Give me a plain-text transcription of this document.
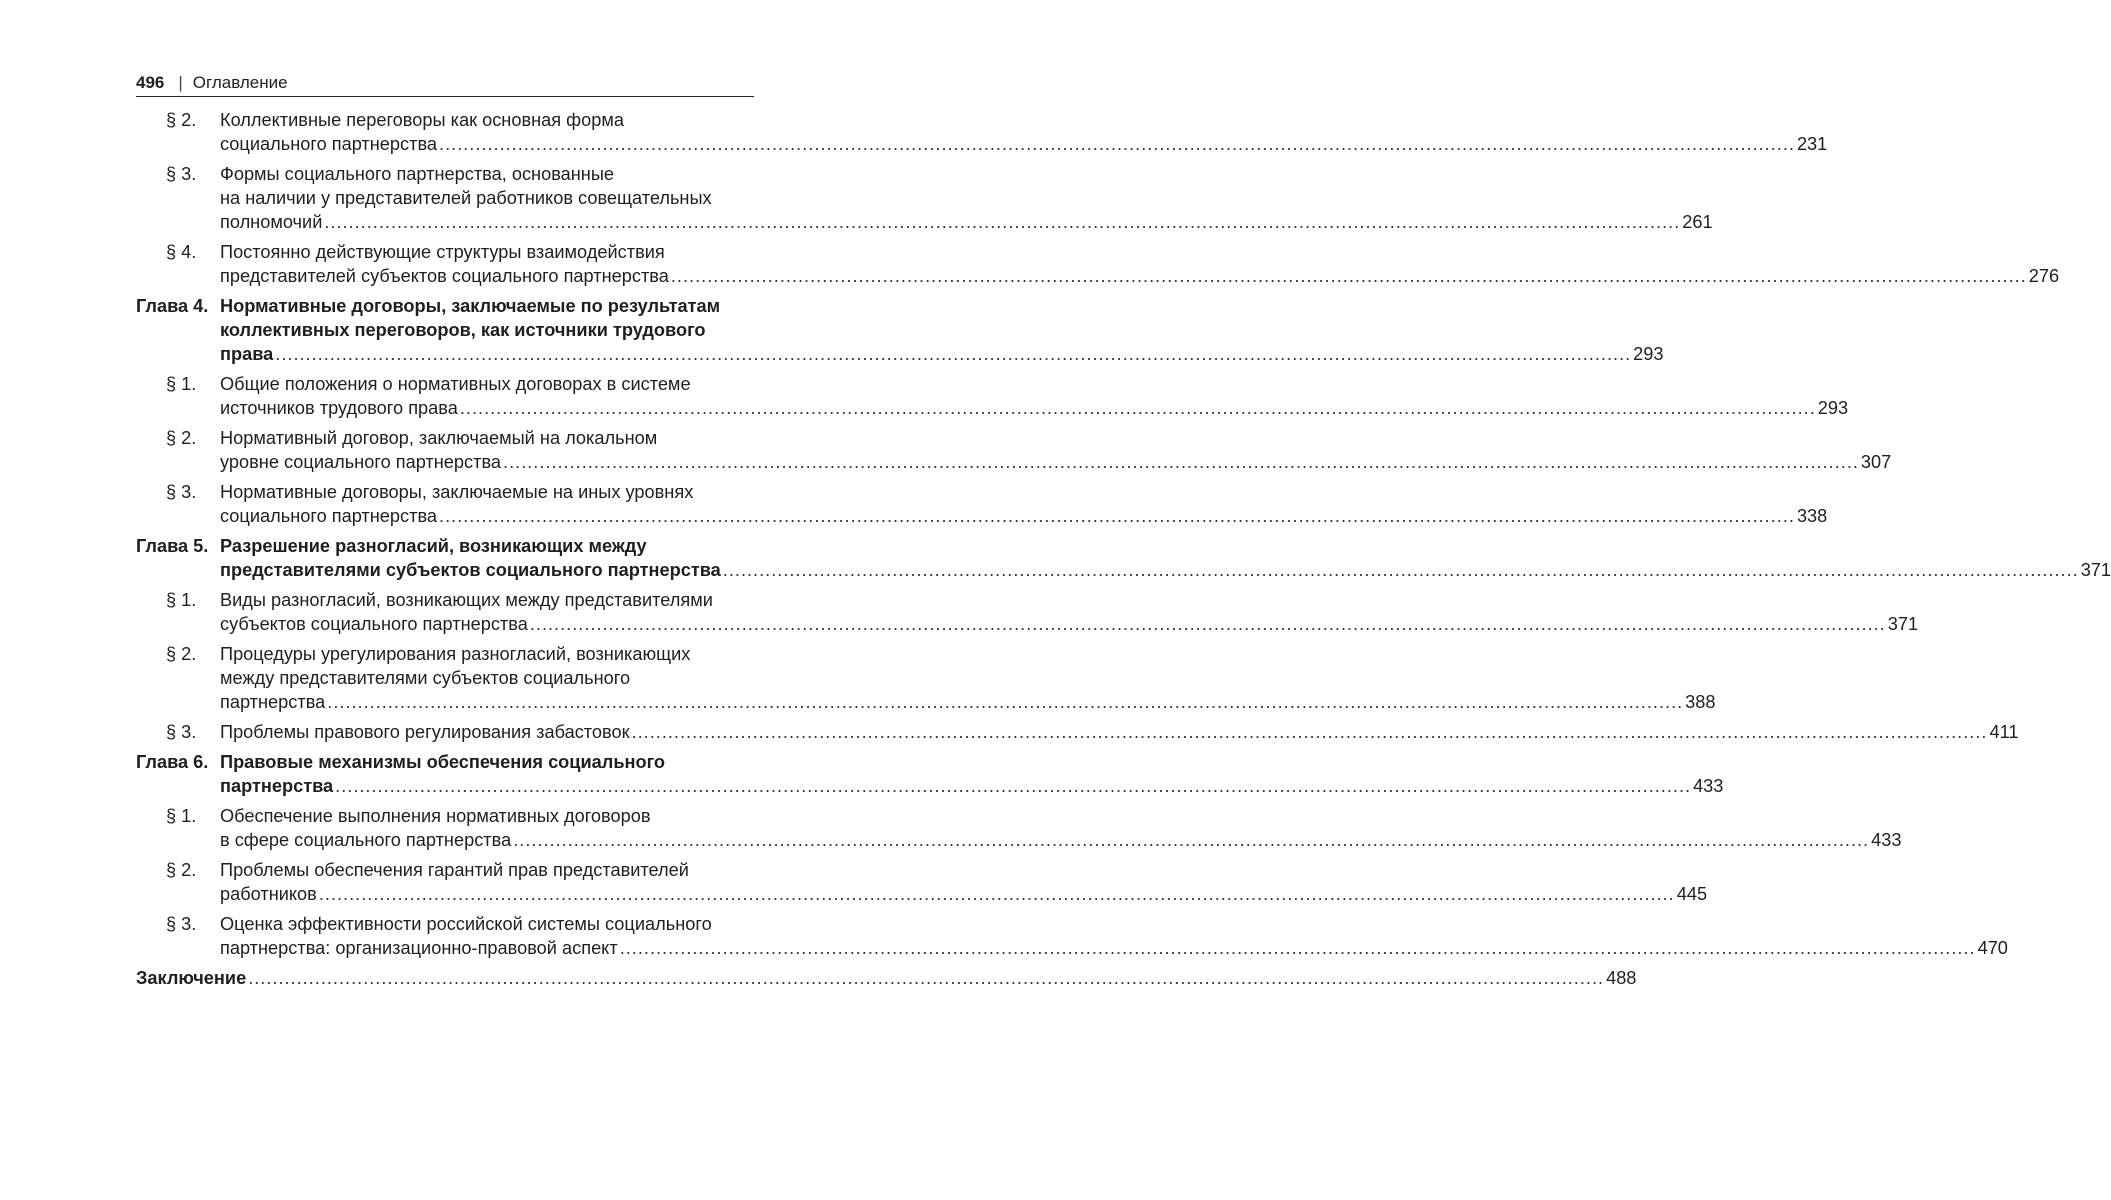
496 | Оглавление
§ 2.	Коллективные переговоры как основная форма
социального партнерства .....	231
§ 3.	Формы социального партнерства, основанные
на наличии у представителей работников совещательных
полномочий .....	261
§ 4.	Постоянно действующие структуры взаимодействия
представителей субъектов социального партнерства .....	276
Глава 4. Нормативные договоры, заключаемые по результатам
коллективных переговоров, как источники трудового
права .....	293
§ 1.	Общие положения о нормативных договорах в системе
источников трудового права .....	293
§ 2.	Нормативный договор, заключаемый на локальном
уровне социального партнерства .....	307
§ 3.	Нормативные договоры, заключаемые на иных уровнях
социального партнерства .....	338
Глава 5. Разрешение разногласий, возникающих между
представителями субъектов социального партнерства .....	371
§ 1.	Виды разногласий, возникающих между представителями
субъектов социального партнерства .....	371
§ 2.	Процедуры урегулирования разногласий, возникающих
между представителями субъектов социального
партнерства .....	388
§ 3.	Проблемы правового регулирования забастовок .....	411
Глава 6. Правовые механизмы обеспечения социального
партнерства .....	433
§ 1.	Обеспечение выполнения нормативных договоров
в сфере социального партнерства .....	433
§ 2.	Проблемы обеспечения гарантий прав представителей
работников .....	445
§ 3.	Оценка эффективности российской системы социального
партнерства: организационно-правовой аспект .....	470
Заключение .....	488
